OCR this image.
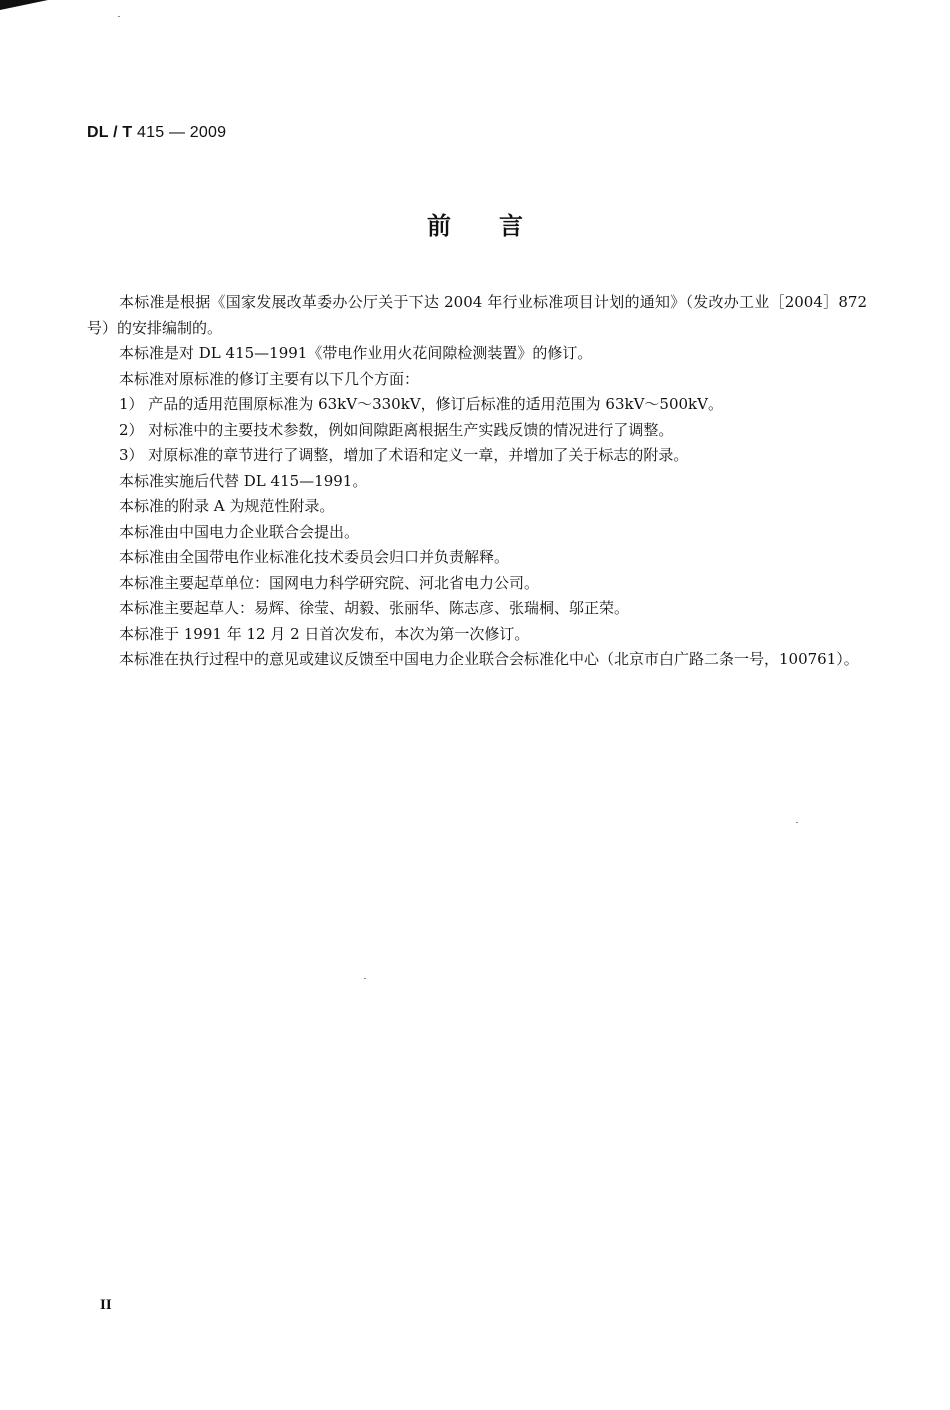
DL / T 415 — 2009
前言

本标准是根据《国家发展改革委办公厅关于下达 2004 年行业标准项目计划的通知》（发改办工业［2004］872 号）的安排编制的。

本标准是对 DL 415—1991《带电作业用火花间隙检测装置》的修订。

本标准对原标准的修订主要有以下几个方面：

1） 产品的适用范围原标准为 63kV～330kV，修订后标准的适用范围为 63kV～500kV。

2） 对标准中的主要技术参数，例如间隙距离根据生产实践反馈的情况进行了调整。

3） 对原标准的章节进行了调整，增加了术语和定义一章，并增加了关于标志的附录。

本标准实施后代替 DL 415—1991。

本标准的附录 A 为规范性附录。

本标准由中国电力企业联合会提出。

本标准由全国带电作业标准化技术委员会归口并负责解释。

本标准主要起草单位：国网电力科学研究院、河北省电力公司。

本标准主要起草人：易辉、徐莹、胡毅、张丽华、陈志彦、张瑞桐、邬正荣。

本标准于 1991 年 12 月 2 日首次发布，本次为第一次修订。

本标准在执行过程中的意见或建议反馈至中国电力企业联合会标准化中心（北京市白广路二条一号，100761）。

II
